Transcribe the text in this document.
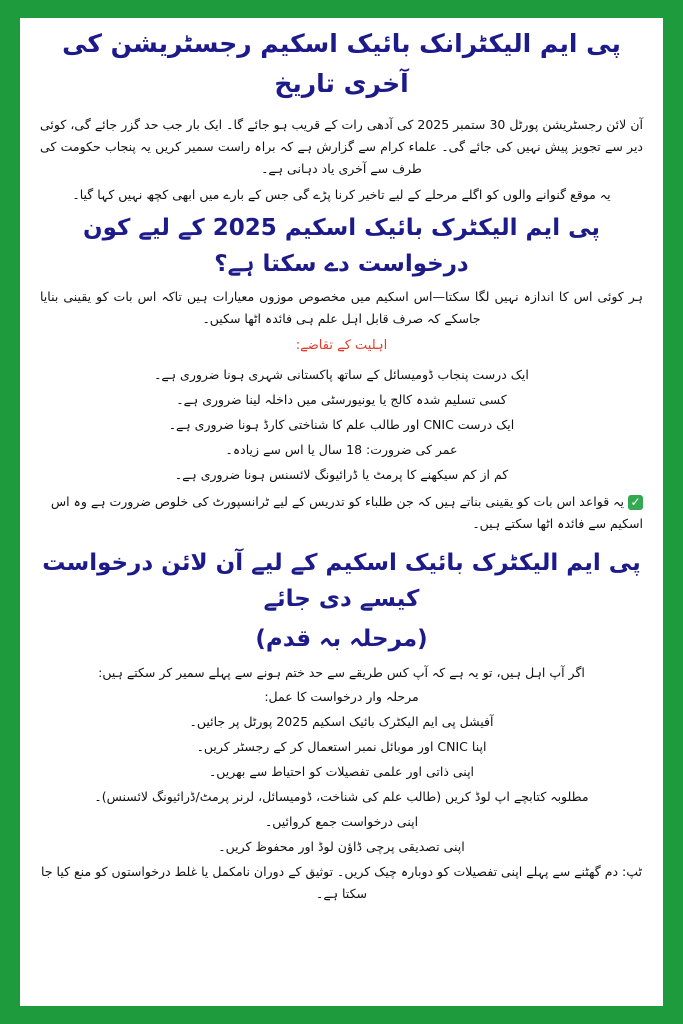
پی ایم الیکٹرانک بائیک اسکیم رجسٹریشن کی آخری تاریخ

آن لائن رجسٹریشن پورٹل 30 ستمبر 2025 کی آدھی رات کے قریب ہو جائے گا۔ ایک بار جب حد گزر جائے گی، کوئی دیر سے تجویز پیش نہیں کی جائے گی۔ علماء کرام سے گزارش ہے کہ براہ راست سمیر کریں یہ پنجاب حکومت کی طرف سے آخری یاد دہانی ہے۔

یہ موقع گنوانے والوں کو اگلے مرحلے کے لیے تاخیر کرنا پڑے گی جس کے بارے میں ابھی کچھ نہیں کہا گیا۔

پی ایم الیکٹرک بائیک اسکیم 2025 کے لیے کون درخواست دے سکتا ہے؟

ہر کوئی اس کا اندازہ نہیں لگا سکتا—اس اسکیم میں مخصوص موزوں معیارات ہیں تاکہ اس بات کو یقینی بنایا جاسکے کہ صرف قابل اہل علم ہی فائدہ اٹھا سکیں۔

اہلیت کے تقاضے:
ایک درست پنجاب ڈومیسائل کے ساتھ پاکستانی شہری ہونا ضروری ہے۔
کسی تسلیم شدہ کالج یا یونیورسٹی میں داخلہ لینا ضروری ہے۔
ایک درست CNIC اور طالب علم کا شناختی کارڈ ہونا ضروری ہے۔
عمر کی ضرورت: 18 سال یا اس سے زیادہ۔
کم از کم سیکھنے کا پرمٹ یا ڈرائیونگ لائسنس ہونا ضروری ہے۔
✓یہ قواعد اس بات کو یقینی بناتے ہیں کہ جن طلباء کو تدریس کے لیے ٹرانسپورٹ کی خلوص ضرورت ہے وہ اس اسکیم سے فائدہ اٹھا سکتے ہیں۔
پی ایم الیکٹرک بائیک اسکیم کے لیے آن لائن درخواست کیسے دی جائے
(مرحلہ بہ قدم)

اگر آپ اہل ہیں، تو یہ ہے کہ آپ کس طریقے سے حد ختم ہونے سے پہلے سمیر کر سکتے ہیں:

مرحلہ وار درخواست کا عمل:

آفیشل پی ایم الیکٹرک بائیک اسکیم 2025 پورٹل پر جائیں۔
اپنا CNIC اور موبائل نمبر استعمال کر کے رجسٹر کریں۔
اپنی ذاتی اور علمی تفصیلات کو احتیاط سے بھریں۔
مطلوبہ کتابچے اپ لوڈ کریں (طالب علم کی شناخت، ڈومیسائل، لرنر پرمٹ/ڈرائیونگ لائسنس)۔
اپنی درخواست جمع کروائیں۔
اپنی تصدیقی پرچی ڈاؤن لوڈ اور محفوظ کریں۔
ٹپ: دم گھٹنے سے پہلے اپنی تفصیلات کو دوبارہ چیک کریں۔ توثیق کے دوران نامکمل یا غلط درخواستوں کو منع کیا جا سکتا ہے۔
